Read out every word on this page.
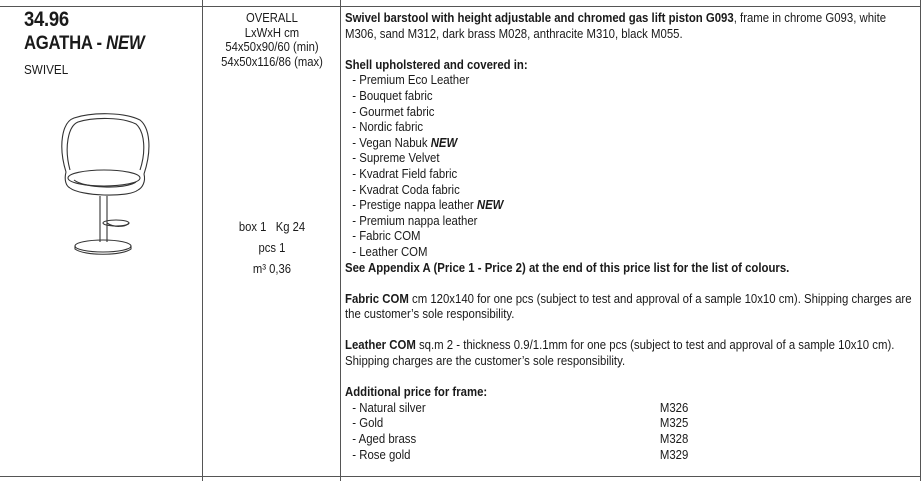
34.96
AGATHA - NEW
SWIVEL
OVERALL
LxWxH cm
54x50x90/60 (min)
54x50x116/86 (max)
box 1 Kg 24
pcs 1
m³ 0,36

Swivel barstool with height adjustable and chromed gas lift piston G093, frame in chrome G093, white M306, sand M312, dark brass M028, anthracite M310, black M055.

Shell upholstered and covered in:
- Premium Eco Leather
- Bouquet fabric
- Gourmet fabric
- Nordic fabric
- Vegan Nabuk NEW
- Supreme Velvet
- Kvadrat Field fabric
- Kvadrat Coda fabric
- Prestige nappa leather NEW
- Premium nappa leather
- Fabric COM
- Leather COM
See Appendix A (Price 1 - Price 2) at the end of this price list for the list of colours.

Fabric COM cm 120x140 for one pcs (subject to test and approval of a sample 10x10 cm). Shipping charges are the customer’s sole responsibility.

Leather COM sq.m 2 - thickness 0.9/1.1mm for one pcs (subject to test and approval of a sample 10x10 cm). Shipping charges are the customer’s sole responsibility.

Additional price for frame:
- Natural silver	M326
- Gold	M325
- Aged brass	M328
- Rose gold	M329
